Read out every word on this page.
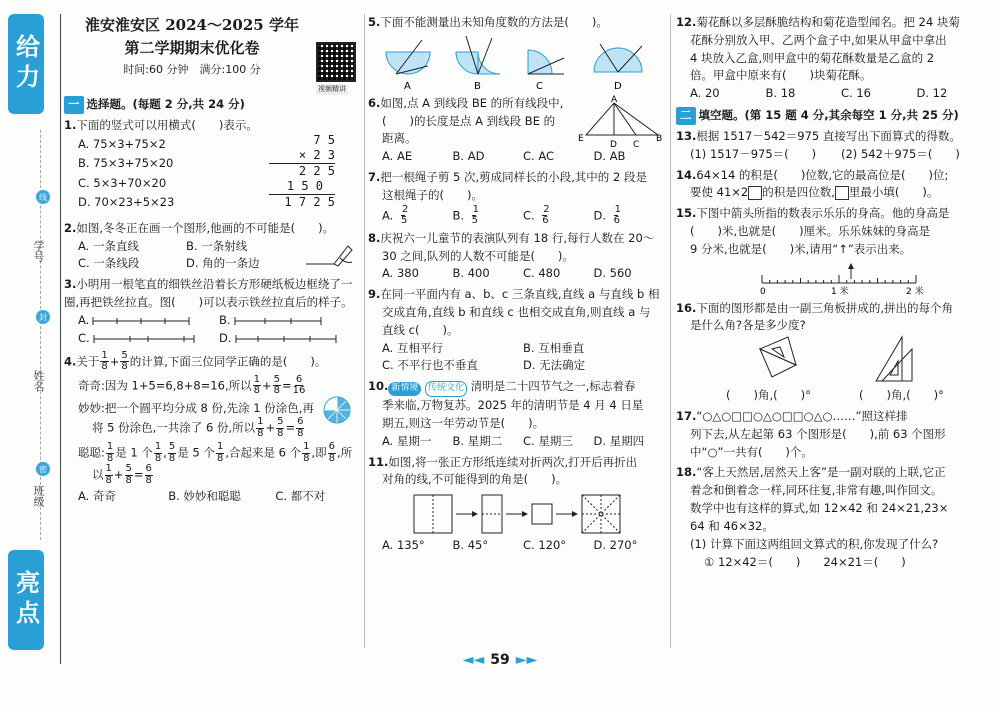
给力
亮点
学号
姓名
班级
线
封
密
淮安淮安区 2024～2025 学年
第二学期期末优化卷
时间:60 分钟　满分:100 分
视频精讲
一 选择题。(每题 2 分,共 24 分)
1.下面的竖式可以用横式(　　)表示。
A. 75×3+75×2
B. 75×3+75×20
C. 5×3+70×20
D. 70×23+5×23
7 5
× 2 3
2 2 5
1 5 0
1 7 2 5
2.如图,冬冬正在画一个图形,他画的不可能是(　　)。
A. 一条直线	B. 一条射线
C. 一条线段	D. 角的一条边
3.小明用一根笔直的细铁丝沿着长方形硬纸板边框绕了一圈,再把铁丝拉直。图(　　)可以表示铁丝拉直后的样子。
A.	B.
C.	D.
4.关于 $\frac{1}{8} + \frac{5}{8}$ 的计算,下面三位同学正确的是(　　)。
奇奇:因为 1+5=6,8+8=16,所以 $\frac{1}{8} + \frac{5}{8} = \frac{6}{16}$
妙妙:把一个圆平均分成 8 份,先涂 1 份涂色,再
将 5 份涂色,一共涂了 6 份,所以 $\frac{1}{8} + \frac{5}{8} = \frac{6}{8}$
聪聪: $\frac{1}{8}$ 是 1 个 $\frac{1}{8}$ , $\frac{5}{8}$ 是 5 个 $\frac{1}{8}$ ,合起来是 6 个 $\frac{1}{8}$ ,即 $\frac{6}{8}$ ,所
以 $\frac{1}{8} + \frac{5}{8} = \frac{6}{8}$
A. 奇奇	B. 妙妙和聪聪	C. 都不对
5.下面不能测量出未知角度数的方法是(　　)。
A	B	C	D
6.如图,点 A 到线段 BE 的所有线段中,
(　　)的长度是点 A 到线段 BE 的
距离。
A. AE	B. AD	C. AC	D. AB
A
E	B
D C
7.把一根绳子剪 5 次,剪成同样长的小段,其中的 2 段是
这根绳子的(　　)。
A. $\frac{2}{5}$	B. $\frac{1}{5}$	C. $\frac{2}{6}$	D. $\frac{1}{6}$
8.庆祝六一儿童节的表演队列有 18 行,每行人数在 20～
30 之间,队列的人数不可能是(　　)。
A. 380	B. 400	C. 480	D. 560
9.在同一平面内有 a、b、c 三条直线,直线 a 与直线 b 相
交成直角,直线 b 和直线 c 也相交成直角,则直线 a 与
直线 c(　　)。
A. 互相平行	B. 互相垂直
C. 不平行也不垂直	D. 无法确定
10. 新情境 传统文化 清明是二十四节气之一,标志着春
季来临,万物复苏。2025 年的清明节是 4 月 4 日星
期五,则这一年劳动节是(　　)。
A. 星期一	B. 星期二	C. 星期三	D. 星期四
11.如图,将一张正方形纸连续对折两次,打开后再折出
对角的线,不可能得到的角是(　　)。
A. 135°	B. 45°	C. 120°	D. 270°
12.菊花酥以多层酥脆结构和菊花造型闻名。把 24 块菊
花酥分别放入甲、乙两个盒子中,如果从甲盒中拿出
4 块放入乙盒,则甲盒中的菊花酥数量是乙盒的 2
倍。甲盒中原来有(　　)块菊花酥。
A. 20	B. 18	C. 16	D. 12
二 填空题。(第 15 题 4 分,其余每空 1 分,共 25 分)
13.根据 1517－542＝975 直接写出下面算式的得数。
(1) 1517－975＝(　　)	(2) 542＋975＝(　　)
14.64×14 的积是(　　)位数,它的最高位是(　　)位;
要使 41×2 的积是四位数, 里最小填(　　)。
15.下图中箭头所指的数表示乐乐的身高。他的身高是
(　　)米,也就是(　　)厘米。乐乐妹妹的身高是
9 分米,也就是(　　)米,请用“↑”表示出来。
0	1 米	2 米
16.下面的图形都是由一副三角板拼成的,拼出的每个角
是什么角?各是多少度?
(　　)角,(　　)°	(　　)角,(　　)°
17.“○△○□□○△○□□○△○……”照这样排
列下去,从左起第 63 个图形是(　　),前 63 个图形
中“○”一共有(　　)个。
18.“客上天然居,居然天上客”是一副对联的上联,它正
着念和倒着念一样,同环往复,非常有趣,叫作回文。
数学中也有这样的算式,如 12×42 和 24×21,23×
64 和 46×32。
(1) 计算下面这两组回文算式的积,你发现了什么?
① 12×42＝(　　)　　24×21＝(　　)
◄◄ 59 ►►
